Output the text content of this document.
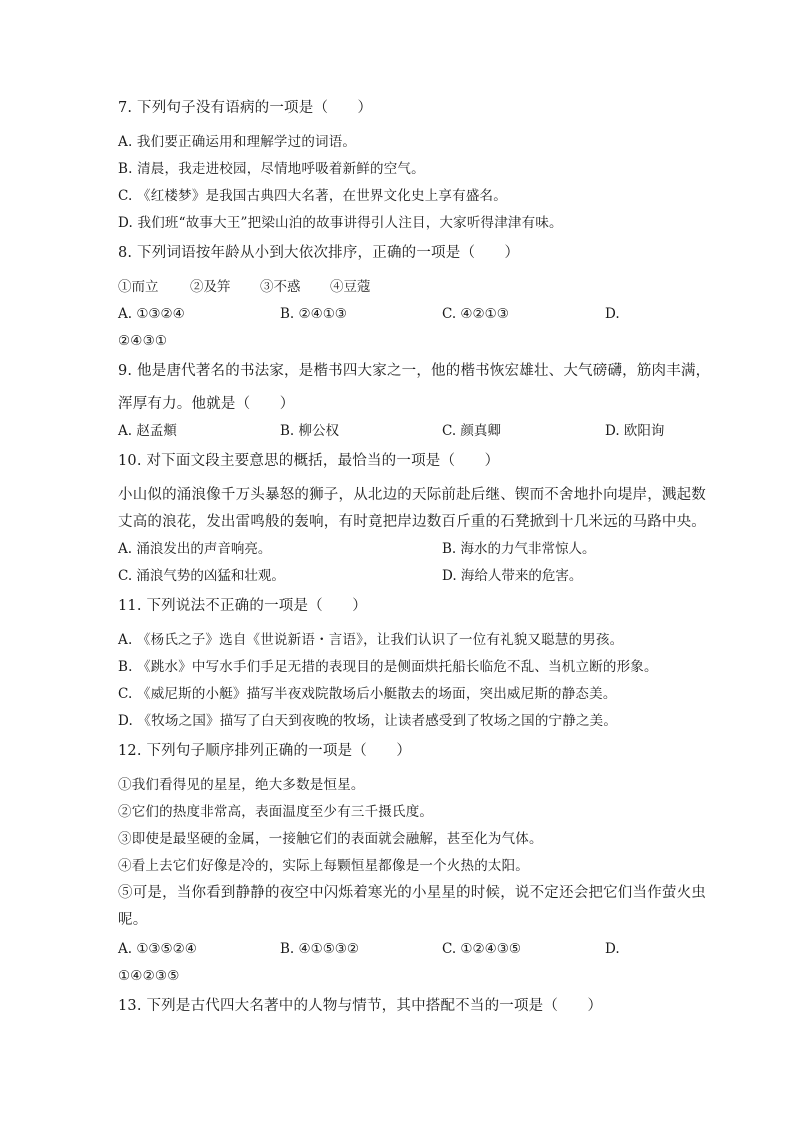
7. 下列句子没有语病的一项是（　　）
A. 我们要正确运用和理解学过的词语。
B. 清晨，我走进校园，尽情地呼吸着新鲜的空气。
C. 《红楼梦》是我国古典四大名著，在世界文化史上享有盛名。
D. 我们班“故事大王”把梁山泊的故事讲得引人注目，大家听得津津有味。
8. 下列词语按年龄从小到大依次排序，正确的一项是（　　）
①而立 ②及笄 ③不惑 ④豆蔻
A. ①③②④	B. ②④①③	C. ④②①③	D.
②④③①
9. 他是唐代著名的书法家，是楷书四大家之一，他的楷书恢宏雄壮、大气磅礴，筋肉丰满，
浑厚有力。他就是（　　）
A. 赵孟頫	B. 柳公权	C. 颜真卿	D. 欧阳询
10. 对下面文段主要意思的概括，最恰当的一项是（　　）
小山似的涌浪像千万头暴怒的狮子，从北边的天际前赴后继、锲而不舍地扑向堤岸，溅起数
丈高的浪花，发出雷鸣般的轰响，有时竟把岸边数百斤重的石凳掀到十几米远的马路中央。
A. 涌浪发出的声音响亮。	B. 海水的力气非常惊人。
C. 涌浪气势的凶猛和壮观。	D. 海给人带来的危害。
11. 下列说法不正确的一项是（　　）
A. 《杨氏之子》选自《世说新语・言语》，让我们认识了一位有礼貌又聪慧的男孩。
B. 《跳水》中写水手们手足无措的表现目的是侧面烘托船长临危不乱、当机立断的形象。
C. 《威尼斯的小艇》描写半夜戏院散场后小艇散去的场面，突出威尼斯的静态美。
D. 《牧场之国》描写了白天到夜晚的牧场，让读者感受到了牧场之国的宁静之美。
12. 下列句子顺序排列正确的一项是（　　）
①我们看得见的星星，绝大多数是恒星。
②它们的热度非常高，表面温度至少有三千摄氏度。
③即使是最坚硬的金属，一接触它们的表面就会融解，甚至化为气体。
④看上去它们好像是冷的，实际上每颗恒星都像是一个火热的太阳。
⑤可是，当你看到静静的夜空中闪烁着寒光的小星星的时候，说不定还会把它们当作萤火虫
呢。
A. ①③⑤②④	B. ④①⑤③②	C. ①②④③⑤	D.
①④②③⑤
13. 下列是古代四大名著中的人物与情节，其中搭配不当的一项是（　　）
